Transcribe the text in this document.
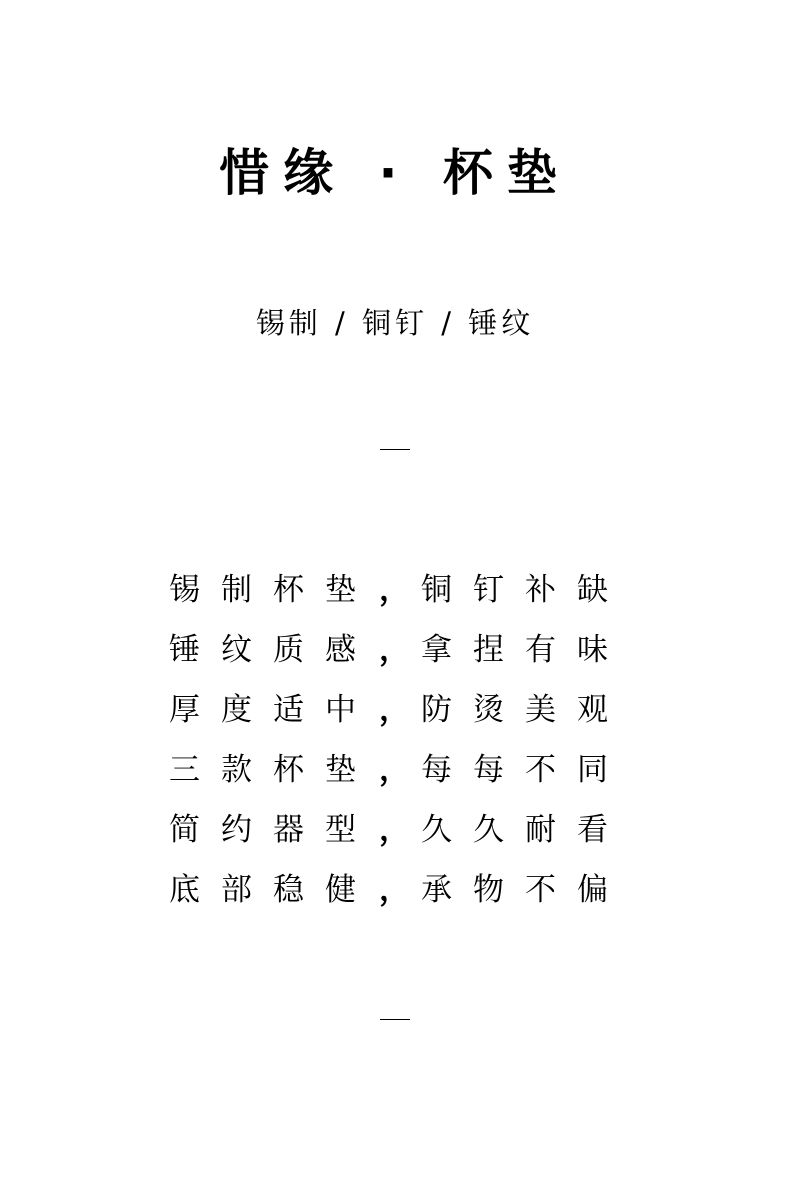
惜缘 · 杯垫
锡制 / 铜钉 / 锤纹
锡制杯垫 ， 铜钉补缺
锤纹质感 ， 拿捏有味
厚度适中 ， 防烫美观
三款杯垫 ， 每每不同
简约器型 ， 久久耐看
底部稳健 ， 承物不偏
